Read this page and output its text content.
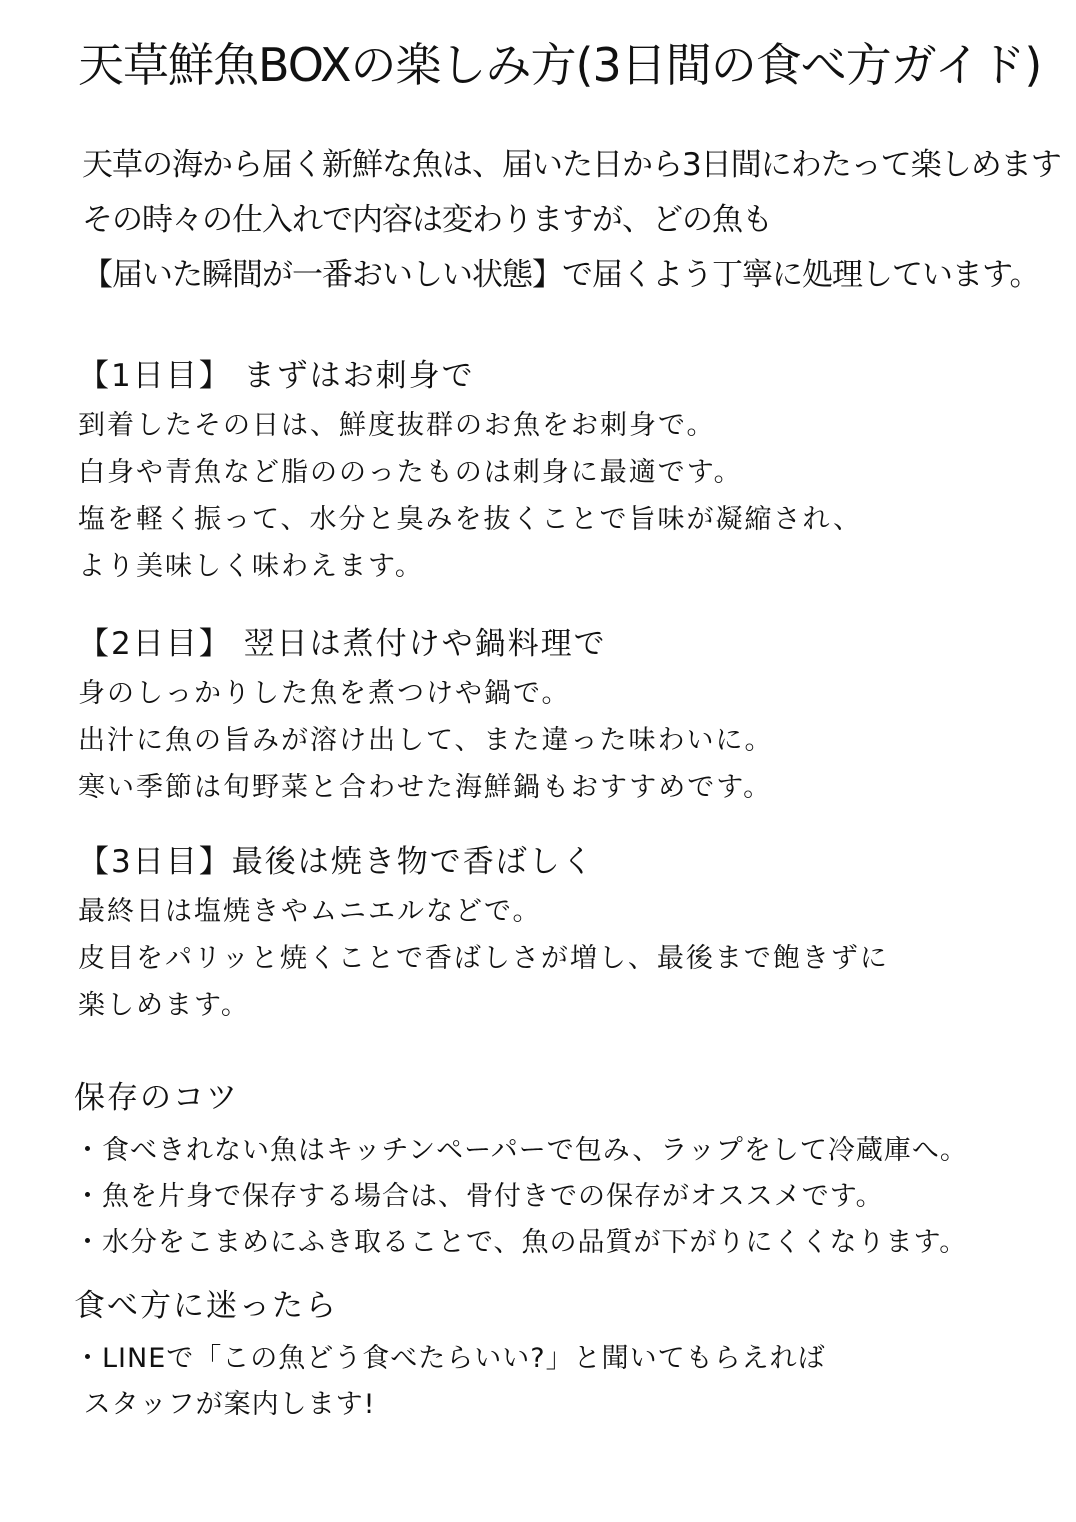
天草鮮魚BOXの楽しみ方(3日間の食べ方ガイド)

天草の海から届く新鮮な魚は、届いた日から3日間にわたって楽しめます

その時々の仕入れで内容は変わりますが、どの魚も

【届いた瞬間が一番おいしい状態】で届くよう丁寧に処理しています。

【1日目】 まずはお刺身で

到着したその日は、鮮度抜群のお魚をお刺身で。

白身や青魚など脂ののったものは刺身に最適です。

塩を軽く振って、水分と臭みを抜くことで旨味が凝縮され、

より美味しく味わえます。

【2日目】 翌日は煮付けや鍋料理で

身のしっかりした魚を煮つけや鍋で。

出汁に魚の旨みが溶け出して、また違った味わいに。

寒い季節は旬野菜と合わせた海鮮鍋もおすすめです。

【3日目】最後は焼き物で香ばしく

最終日は塩焼きやムニエルなどで。

皮目をパリッと焼くことで香ばしさが増し、最後まで飽きずに

楽しめます。

保存のコツ

・食べきれない魚はキッチンペーパーで包み、ラップをして冷蔵庫へ。

・魚を片身で保存する場合は、骨付きでの保存がオススメです。

・水分をこまめにふき取ることで、魚の品質が下がりにくくなります。

食べ方に迷ったら

・LINEで「この魚どう食べたらいい?」と聞いてもらえれば

スタッフが案内します!
